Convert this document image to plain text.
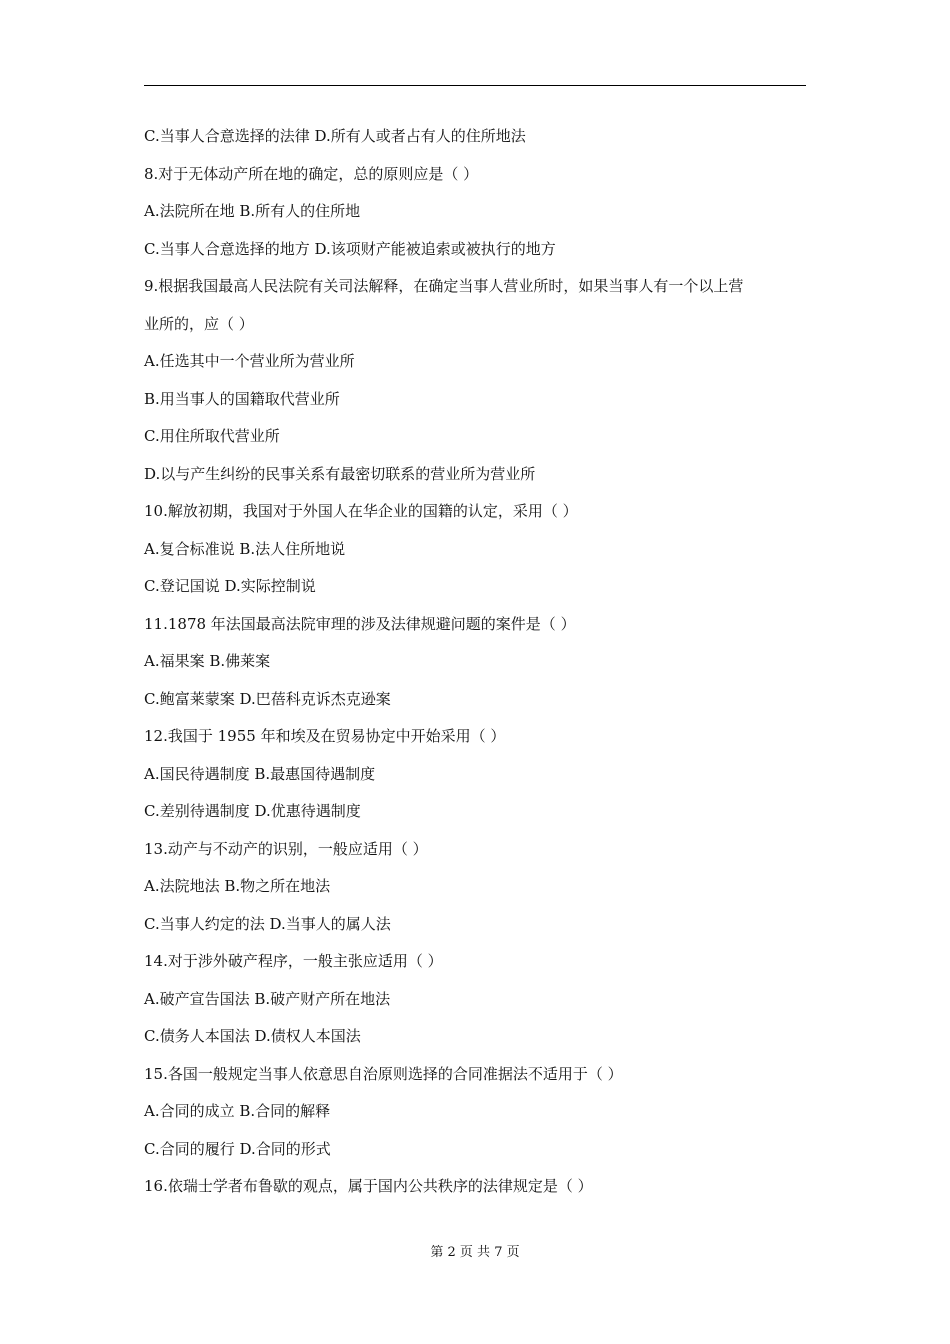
C.当事人合意选择的法律 D.所有人或者占有人的住所地法
8.对于无体动产所在地的确定，总的原则应是（ ）
A.法院所在地 B.所有人的住所地
C.当事人合意选择的地方 D.该项财产能被追索或被执行的地方
9.根据我国最高人民法院有关司法解释，在确定当事人营业所时，如果当事人有一个以上营
业所的，应（ ）
A.任选其中一个营业所为营业所
B.用当事人的国籍取代营业所
C.用住所取代营业所
D.以与产生纠纷的民事关系有最密切联系的营业所为营业所
10.解放初期，我国对于外国人在华企业的国籍的认定，采用（ ）
A.复合标准说 B.法人住所地说
C.登记国说 D.实际控制说
11.1878 年法国最高法院审理的涉及法律规避问题的案件是（ ）
A.福果案 B.佛莱案
C.鲍富莱蒙案 D.巴蓓科克诉杰克逊案
12.我国于 1955 年和埃及在贸易协定中开始采用（ ）
A.国民待遇制度 B.最惠国待遇制度
C.差别待遇制度 D.优惠待遇制度
13.动产与不动产的识别，一般应适用（ ）
A.法院地法 B.物之所在地法
C.当事人约定的法 D.当事人的属人法
14.对于涉外破产程序，一般主张应适用（ ）
A.破产宣告国法 B.破产财产所在地法
C.债务人本国法 D.债权人本国法
15.各国一般规定当事人依意思自治原则选择的合同准据法不适用于（ ）
A.合同的成立 B.合同的解释
C.合同的履行 D.合同的形式
16.依瑞士学者布鲁歇的观点，属于国内公共秩序的法律规定是（ ）
第 2 页 共 7 页
